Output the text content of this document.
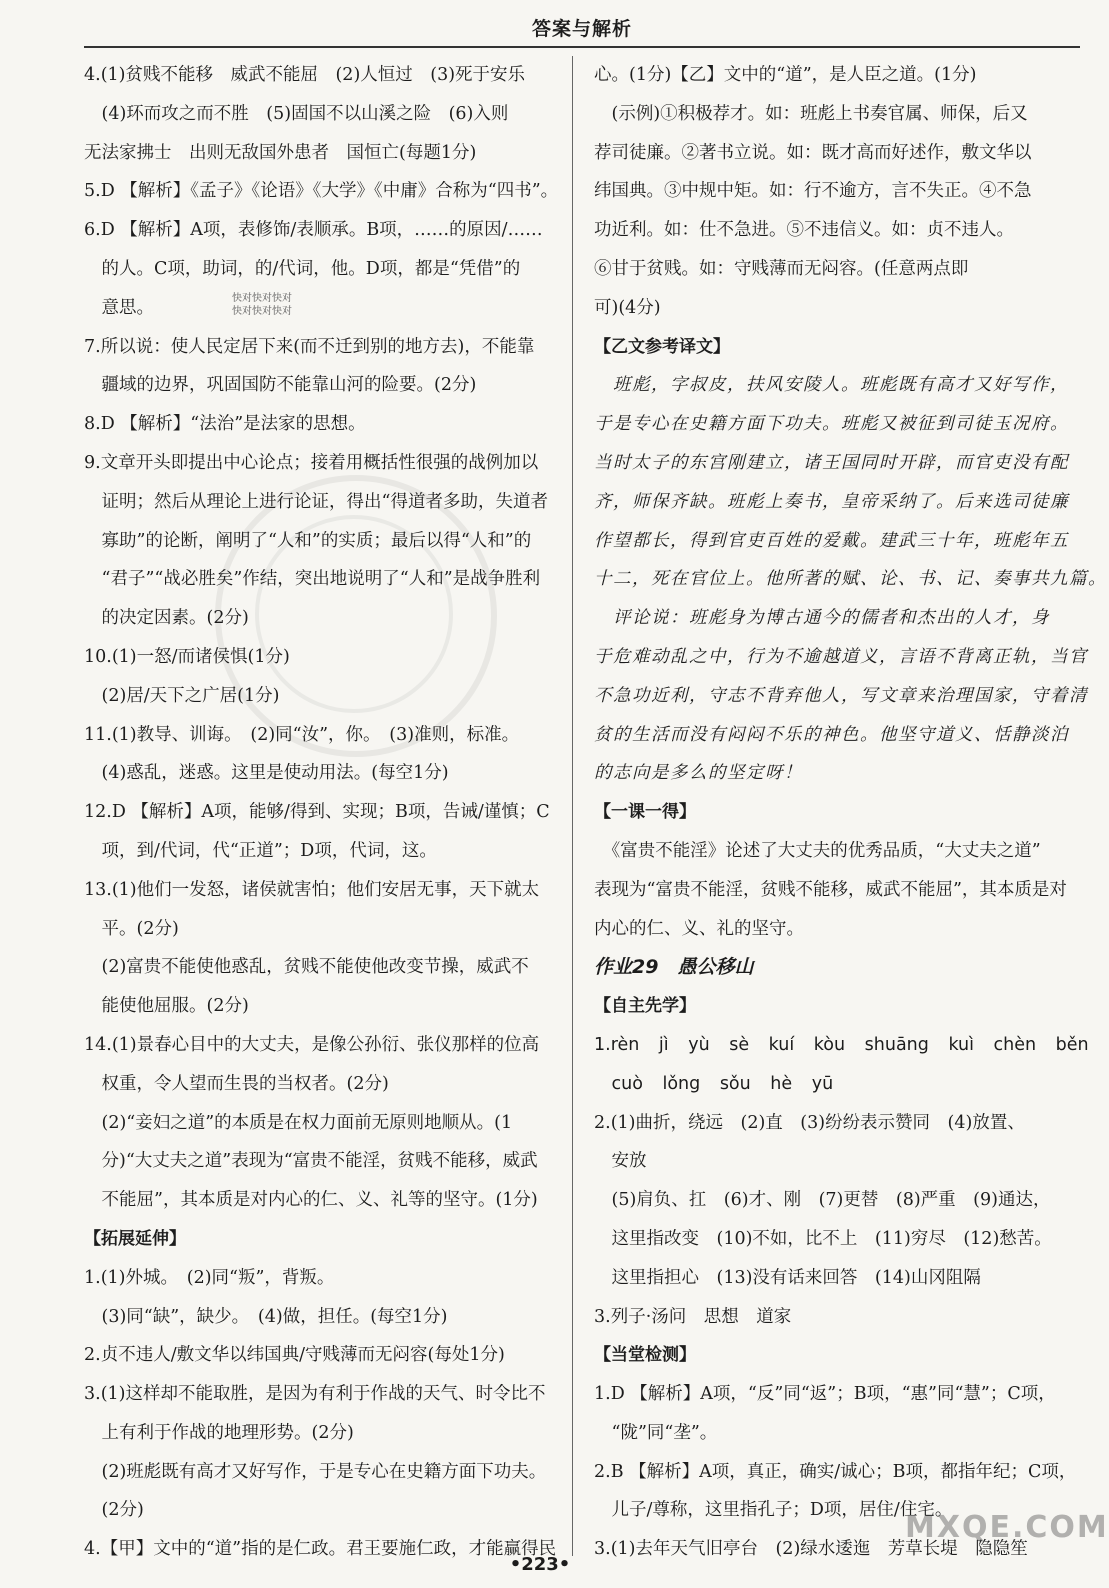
答案与解析
快对快对快对
快对快对快对
4.(1)贫贱不能移　威武不能屈　(2)人恒过　(3)死于安乐
　(4)环而攻之而不胜　(5)固国不以山溪之险　(6)入则
无法家拂士　出则无敌国外患者　国恒亡(每题1分)
5.D 【解析】《孟子》《论语》《大学》《中庸》合称为“四书”。
6.D 【解析】A项，表修饰/表顺承。B项，……的原因/……
　的人。C项，助词，的/代词，他。D项，都是“凭借”的
　意思。
7.所以说：使人民定居下来(而不迁到别的地方去)，不能靠
　疆域的边界，巩固国防不能靠山河的险要。(2分)
8.D 【解析】“法治”是法家的思想。
9.文章开头即提出中心论点；接着用概括性很强的战例加以
　证明；然后从理论上进行论证，得出“得道者多助，失道者
　寡助”的论断，阐明了“人和”的实质；最后以得“人和”的
　“君子”“战必胜矣”作结，突出地说明了“人和”是战争胜利
　的决定因素。(2分)
10.(1)一怒/而诸侯惧(1分)
　(2)居/天下之广居(1分)
11.(1)教导、训诲。　(2)同“汝”，你。　(3)准则，标准。
　(4)惑乱，迷惑。这里是使动用法。(每空1分)
12.D 【解析】A项，能够/得到、实现；B项，告诫/谨慎；C
　项，到/代词，代“正道”；D项，代词，这。
13.(1)他们一发怒，诸侯就害怕；他们安居无事，天下就太
　平。(2分)
　(2)富贵不能使他惑乱，贫贱不能使他改变节操，威武不
　能使他屈服。(2分)
14.(1)景春心目中的大丈夫，是像公孙衍、张仪那样的位高
　权重，令人望而生畏的当权者。(2分)
　(2)“妾妇之道”的本质是在权力面前无原则地顺从。(1
　分)“大丈夫之道”表现为“富贵不能淫，贫贱不能移，威武
　不能屈”，其本质是对内心的仁、义、礼等的坚守。(1分)
【拓展延伸】
1.(1)外城。　(2)同“叛”，背叛。
　(3)同“缺”，缺少。　(4)做，担任。(每空1分)
2.贞不违人/敷文华以纬国典/守贱薄而无闷容(每处1分)
3.(1)这样却不能取胜，是因为有利于作战的天气、时令比不
　上有利于作战的地理形势。(2分)
　(2)班彪既有高才又好写作，于是专心在史籍方面下功夫。
　(2分)
4.【甲】文中的“道”指的是仁政。君王要施仁政，才能赢得民
心。(1分)【乙】文中的“道”，是人臣之道。(1分)
　(示例)①积极荐才。如：班彪上书奏官属、师保，后又
荐司徒廉。②著书立说。如：既才高而好述作，敷文华以
纬国典。③中规中矩。如：行不逾方，言不失正。④不急
功近利。如：仕不急进。⑤不违信义。如：贞不违人。
⑥甘于贫贱。如：守贱薄而无闷容。(任意两点即
可)(4分)
【乙文参考译文】
　班彪，字叔皮，扶风安陵人。班彪既有高才又好写作，
于是专心在史籍方面下功夫。班彪又被征到司徒玉况府。
当时太子的东宫刚建立，诸王国同时开辟，而官吏没有配
齐，师保齐缺。班彪上奏书，皇帝采纳了。后来选司徒廉
作望都长，得到官吏百姓的爱戴。建武三十年，班彪年五
十二，死在官位上。他所著的赋、论、书、记、奏事共九篇。
　评论说：班彪身为博古通今的儒者和杰出的人才，身
于危难动乱之中，行为不逾越道义，言语不背离正轨，当官
不急功近利，守志不背弃他人，写文章来治理国家，守着清
贫的生活而没有闷闷不乐的神色。他坚守道义、恬静淡泊
的志向是多么的坚定呀！
【一课一得】
　《富贵不能淫》论述了大丈夫的优秀品质，“大丈夫之道”
表现为“富贵不能淫，贫贱不能移，威武不能屈”，其本质是对
内心的仁、义、礼的坚守。
作业29　愚公移山
【自主先学】
1.rèn jì yù sè kuí kòu shuāng kuì chèn běn
　cuò lǒng sǒu hè yū
2.(1)曲折，绕远　(2)直　(3)纷纷表示赞同　(4)放置、
　安放
　(5)肩负、扛　(6)才、刚　(7)更替　(8)严重　(9)通达，
　这里指改变　(10)不如，比不上　(11)穷尽　(12)愁苦。
　这里指担心　(13)没有话来回答　(14)山冈阻隔
3.列子·汤问　思想　道家
【当堂检测】
1.D 【解析】A项，“反”同“返”；B项，“惠”同“慧”；C项，
　“陇”同“垄”。
2.B 【解析】A项，真正，确实/诚心；B项，都指年纪；C项，
　儿子/尊称，这里指孔子；D项，居住/住宅。
3.(1)去年天气旧亭台　(2)绿水逶迤　芳草长堤　隐隐笙
•223•
MXQE.COM
